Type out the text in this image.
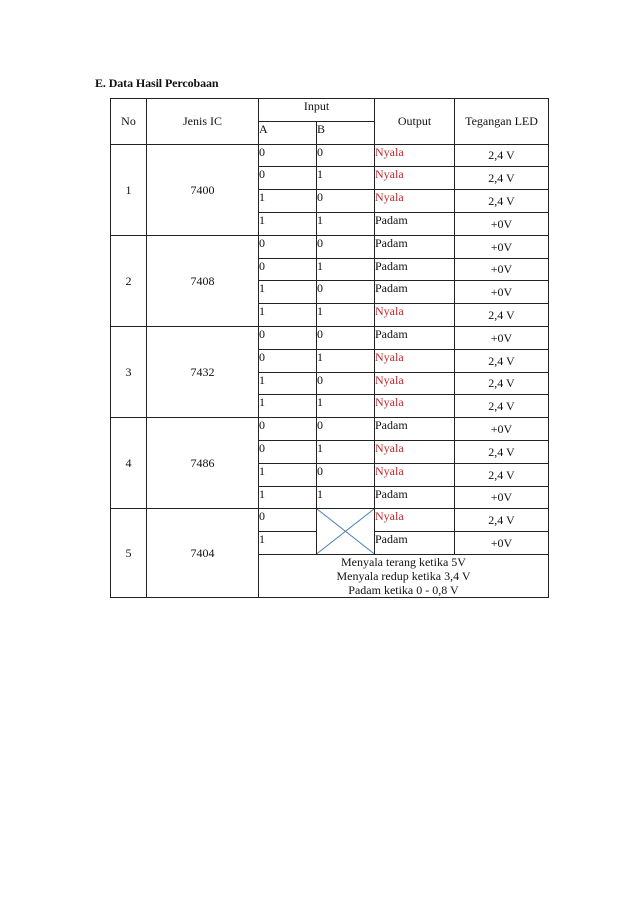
E. Data Hasil Percobaan
No	Jenis IC	Input		Output	Tegangan LED
		A	B		
1	7400	0	0	Nyala	2,4 V
		0	1	Nyala	2,4 V
		1	0	Nyala	2,4 V
		1	1	Padam	+0V
2	7408	0	0	Padam	+0V
		0	1	Padam	+0V
		1	0	Padam	+0V
		1	1	Nyala	2,4 V
3	7432	0	0	Padam	+0V
		0	1	Nyala	2,4 V
		1	0	Nyala	2,4 V
		1	1	Nyala	2,4 V
4	7486	0	0	Padam	+0V
		0	1	Nyala	2,4 V
		1	0	Nyala	2,4 V
		1	1	Padam	+0V
5	7404	0		Nyala	2,4 V
		1		Padam	+0V

		Menyala terang ketika 5V
Menyala redup ketika 3,4 V
Padam ketika 0 - 0,8 V			
